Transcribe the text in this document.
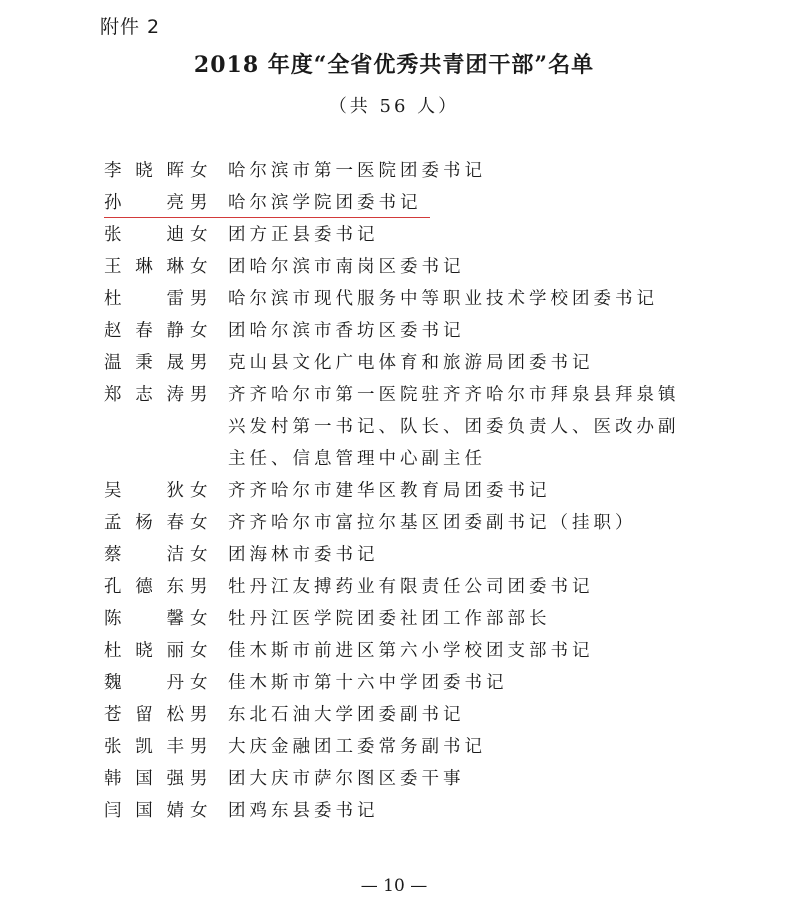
附件 2
2018 年度“全省优秀共青团干部”名单
（共 56 人）
李 晓 晖 女	哈尔滨市第一医院团委书记
孙	亮 男	哈尔滨学院团委书记
张	迪 女	团方正县委书记
王 琳 琳 女	团哈尔滨市南岗区委书记
杜	雷 男	哈尔滨市现代服务中等职业技术学校团委书记
赵 春 静 女	团哈尔滨市香坊区委书记
温 秉 晟 男	克山县文化广电体育和旅游局团委书记
郑 志 涛 男	齐齐哈尔市第一医院驻齐齐哈尔市拜泉县拜泉镇兴发村第一书记、队长、团委负责人、医改办副主任、信息管理中心副主任
吴	狄 女	齐齐哈尔市建华区教育局团委书记
孟 杨 春 女	齐齐哈尔市富拉尔基区团委副书记（挂职）
蔡	洁 女	团海林市委书记
孔 德 东 男	牡丹江友搏药业有限责任公司团委书记
陈	馨 女	牡丹江医学院团委社团工作部部长
杜 晓 丽 女	佳木斯市前进区第六小学校团支部书记
魏	丹 女	佳木斯市第十六中学团委书记
苍 留 松 男	东北石油大学团委副书记
张 凯 丰 男	大庆金融团工委常务副书记
韩 国 强 男	团大庆市萨尔图区委干事
闫 国 婧 女	团鸡东县委书记
— 10 —
